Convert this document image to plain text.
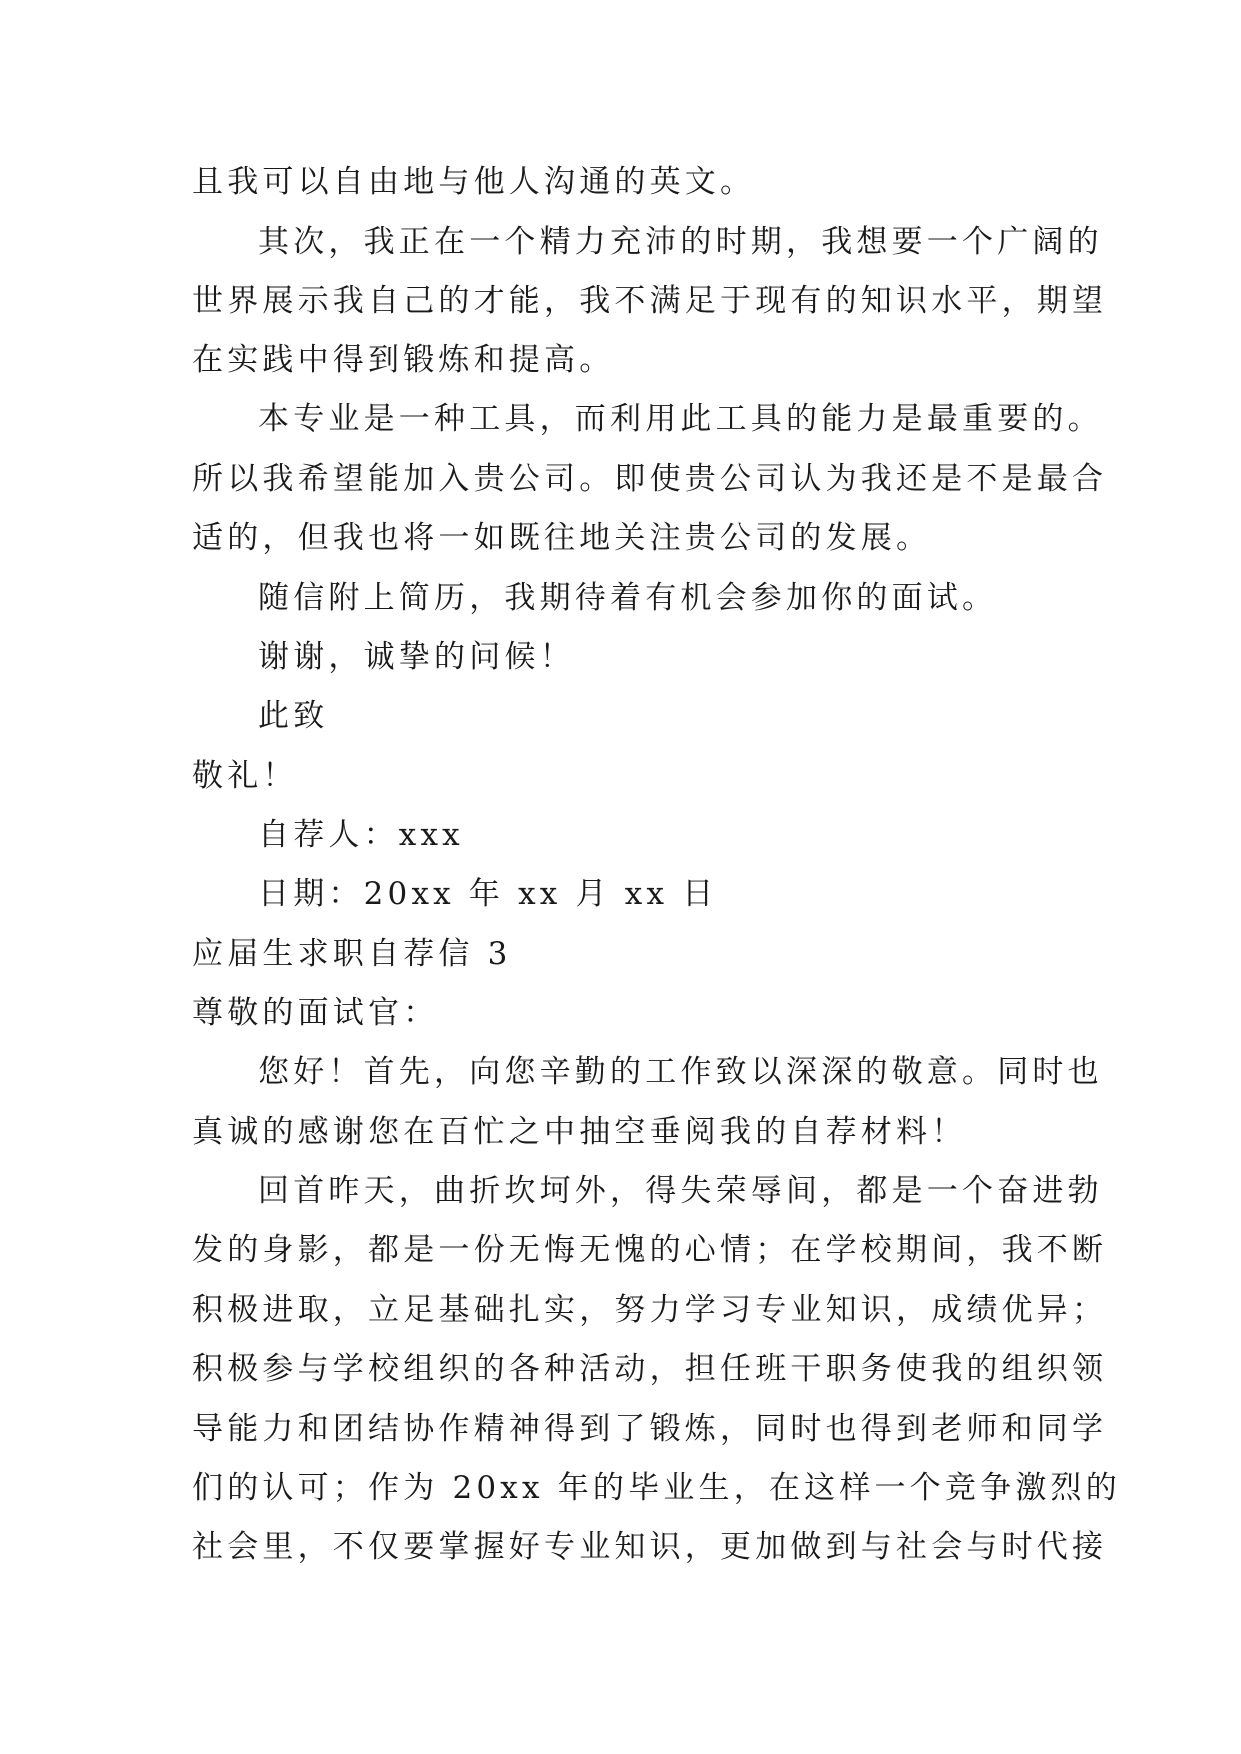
且我可以自由地与他人沟通的英文。
其次，我正在一个精力充沛的时期，我想要一个广阔的
世界展示我自己的才能，我不满足于现有的知识水平，期望
在实践中得到锻炼和提高。
本专业是一种工具，而利用此工具的能力是最重要的。
所以我希望能加入贵公司。即使贵公司认为我还是不是最合
适的，但我也将一如既往地关注贵公司的发展。
随信附上简历，我期待着有机会参加你的面试。
谢谢，诚挚的问候！
此致
敬礼！
自荐人：xxx
日期：20xx 年 xx 月 xx 日
应届生求职自荐信 3
尊敬的面试官：
您好！首先，向您辛勤的工作致以深深的敬意。同时也
真诚的感谢您在百忙之中抽空垂阅我的自荐材料！
回首昨天，曲折坎坷外，得失荣辱间，都是一个奋进勃
发的身影，都是一份无悔无愧的心情；在学校期间，我不断
积极进取，立足基础扎实，努力学习专业知识，成绩优异；
积极参与学校组织的各种活动，担任班干职务使我的组织领
导能力和团结协作精神得到了锻炼，同时也得到老师和同学
们的认可；作为 20xx 年的毕业生，在这样一个竞争激烈的
社会里，不仅要掌握好专业知识，更加做到与社会与时代接
